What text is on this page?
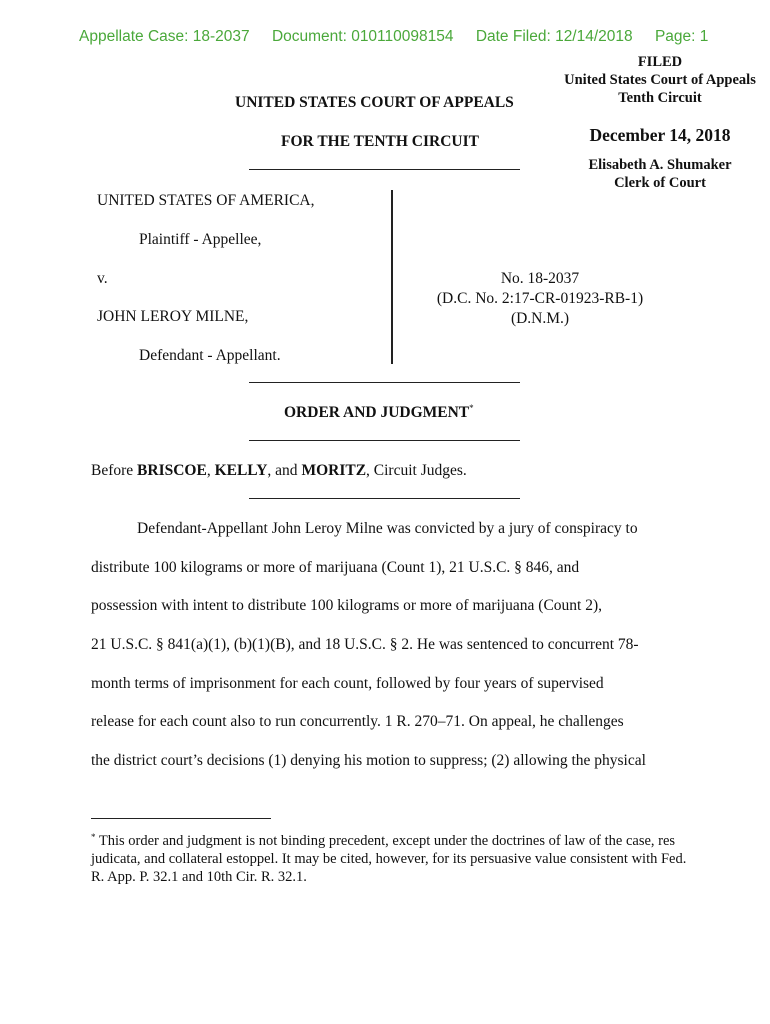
Appellate Case: 18-2037 Document: 010110098154 Date Filed: 12/14/2018 Page: 1
FILED
United States Court of Appeals
Tenth Circuit
December 14, 2018
Elisabeth A. Shumaker
Clerk of Court
UNITED STATES COURT OF APPEALS
FOR THE TENTH CIRCUIT
UNITED STATES OF AMERICA,
Plaintiff - Appellee,
v.
JOHN LEROY MILNE,
Defendant - Appellant.
No. 18-2037
(D.C. No. 2:17-CR-01923-RB-1)
(D.N.M.)
ORDER AND JUDGMENT*
Before BRISCOE, KELLY, and MORITZ, Circuit Judges.
Defendant-Appellant John Leroy Milne was convicted by a jury of conspiracy to
distribute 100 kilograms or more of marijuana (Count 1), 21 U.S.C. § 846, and
possession with intent to distribute 100 kilograms or more of marijuana (Count 2),
21 U.S.C. § 841(a)(1), (b)(1)(B), and 18 U.S.C. § 2. He was sentenced to concurrent 78-
month terms of imprisonment for each count, followed by four years of supervised
release for each count also to run concurrently. 1 R. 270–71. On appeal, he challenges
the district court’s decisions (1) denying his motion to suppress; (2) allowing the physical
* This order and judgment is not binding precedent, except under the doctrines of law of the case, res judicata, and collateral estoppel. It may be cited, however, for its persuasive value consistent with Fed. R. App. P. 32.1 and 10th Cir. R. 32.1.
